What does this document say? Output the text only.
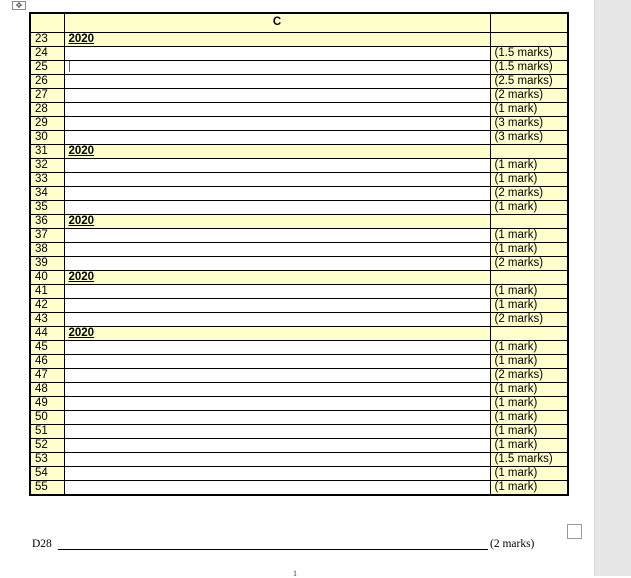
✥
	C	
23	2020	
24		(1.5 marks)
25		(1.5 marks)
26		(2.5 marks)
27		(2 marks)
28		(1 mark)
29		(3 marks)
30		(3 marks)
31	2020	
32		(1 mark)
33		(1 mark)
34		(2 marks)
35		(1 mark)
36	2020	
37		(1 mark)
38		(1 mark)
39		(2 marks)
40	2020	
41		(1 mark)
42		(1 mark)
43		(2 marks)
44	2020	
45		(1 mark)
46		(1 mark)
47		(2 marks)
48		(1 mark)
49		(1 mark)
50		(1 mark)
51		(1 mark)
52		(1 mark)
53		(1.5 marks)
54		(1 mark)
55		(1 mark)
D28	(2 marks)
1
